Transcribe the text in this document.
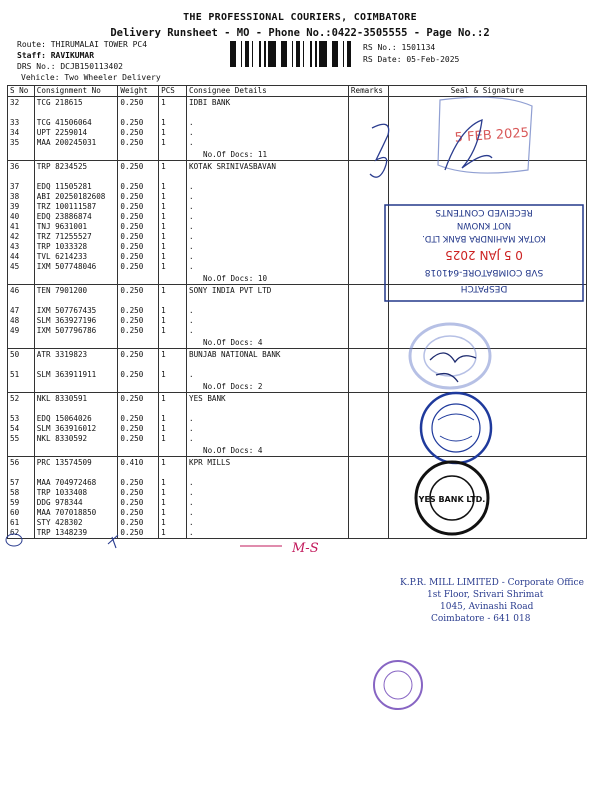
THE PROFESSIONAL COURIERS, COIMBATORE
Delivery Runsheet - MO - Phone No.:0422-3505555 - Page No.:2
Route: THIRUMALAI TOWER PC4
Staff: RAVIKUMAR
DRS No.: DCJB150113402
Vehicle: Two Wheeler Delivery
RS No.: 1501134
RS Date: 05-Feb-2025
S No	Consignment No	Weight	PCS	Consignee Details	Remarks	Seal & Signature
32	TCG 218615	0.250	1	IDBI BANK		
33	TCG 41506064	0.250	1	.		
34	UPT 2259014	0.250	1	.		
35	MAA 200245031	0.250	1	.		
				No.Of Docs: 11		
36	TRP 8234525	0.250	1	KOTAK SRINIVASBAVAN		
37	EDQ 11505281	0.250	1	.		
38	ABI 20250182608	0.250	1	.		
39	TRZ 100111587	0.250	1	.		
40	EDQ 23886874	0.250	1	.		
41	TNJ 9631001	0.250	1	.		
42	TRZ 71255527	0.250	1	.		
43	TRP 1033328	0.250	1	.		
44	TVL 6214233	0.250	1	.		
45	IXM 507748046	0.250	1	.		
				No.Of Docs: 10		
46	TEN 7901200	0.250	1	SONY INDIA PVT LTD		
47	IXM 507767435	0.250	1	.		
48	SLM 363927196	0.250	1	.		
49	IXM 507796786	0.250	1	.		
				No.Of Docs: 4		
50	ATR 3319823	0.250	1	BUNJAB NATIONAL BANK		
51	SLM 363911911	0.250	1	.		
				No.Of Docs: 2		
52	NKL 8330591	0.250	1	YES BANK		
53	EDQ 15064026	0.250	1	.		
54	SLM 363916012	0.250	1	.		
55	NKL 8330592	0.250	1	.		
				No.Of Docs: 4		
56	PRC 13574509	0.410	1	KPR MILLS		
57	MAA 704972468	0.250	1	.		
58	TRP 1033408	0.250	1	.		
59	DDG 978344	0.250	1	.		
60	MAA 707018850	0.250	1	.		
61	STY 428302	0.250	1	.		
62	TRP 1348239	0.250	1	.		
5 FEB 2025
DESPATCH
SVB COIMBATORE-641018
0 5 JAN 2025
KOTAK MAHINDRA BANK LTD.
NOT KNOWN
RECEIVED CONTENTS
YES BANK LTD.
M-S
K.P.R. MILL LIMITED - Corporate Office
1st Floor, Srivari Shrimat
1045, Avinashi Road
Coimbatore - 641 018
